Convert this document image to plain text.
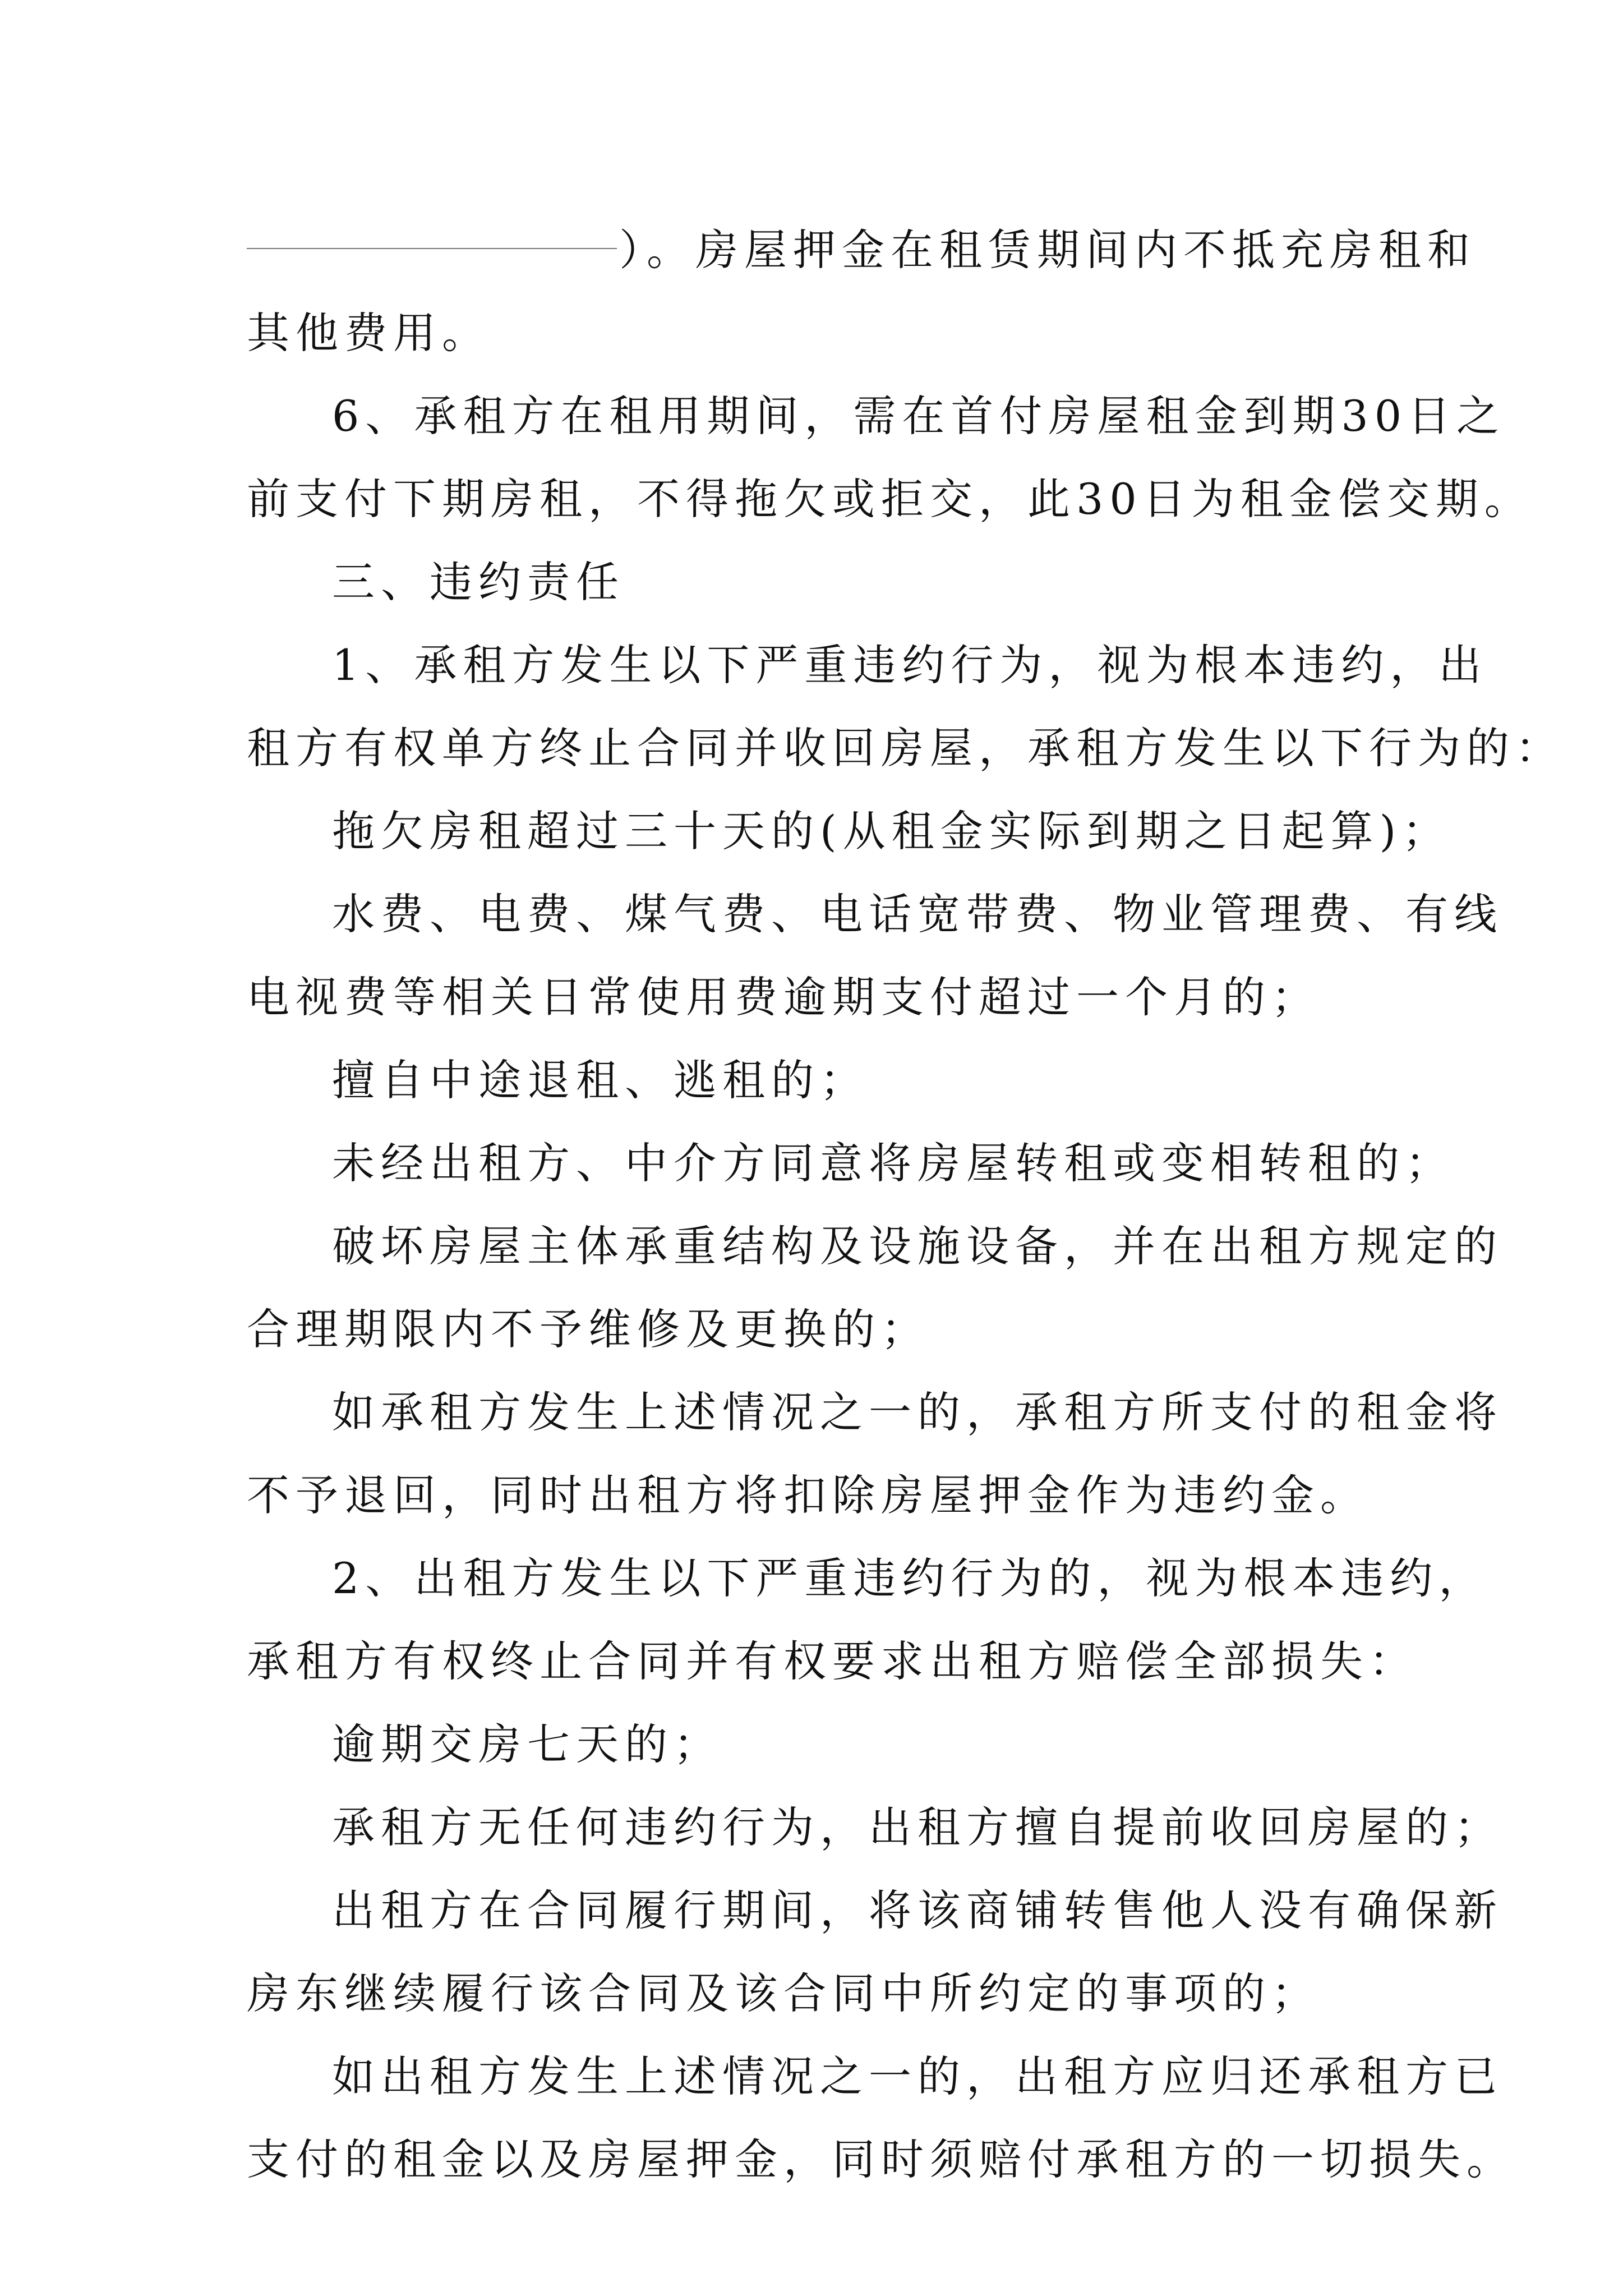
）。房屋押金在租赁期间内不抵充房租和
其他费用。
6、承租方在租用期间，需在首付房屋租金到期30日之
前支付下期房租，不得拖欠或拒交，此30日为租金偿交期。
三、违约责任
1、承租方发生以下严重违约行为，视为根本违约，出
租方有权单方终止合同并收回房屋，承租方发生以下行为的：
拖欠房租超过三十天的(从租金实际到期之日起算)；
水费、电费、煤气费、电话宽带费、物业管理费、有线
电视费等相关日常使用费逾期支付超过一个月的；
擅自中途退租、逃租的；
未经出租方、中介方同意将房屋转租或变相转租的；
破坏房屋主体承重结构及设施设备，并在出租方规定的
合理期限内不予维修及更换的；
如承租方发生上述情况之一的，承租方所支付的租金将
不予退回，同时出租方将扣除房屋押金作为违约金。
2、出租方发生以下严重违约行为的，视为根本违约，
承租方有权终止合同并有权要求出租方赔偿全部损失：
逾期交房七天的；
承租方无任何违约行为，出租方擅自提前收回房屋的；
出租方在合同履行期间，将该商铺转售他人没有确保新
房东继续履行该合同及该合同中所约定的事项的；
如出租方发生上述情况之一的，出租方应归还承租方已
支付的租金以及房屋押金，同时须赔付承租方的一切损失。
